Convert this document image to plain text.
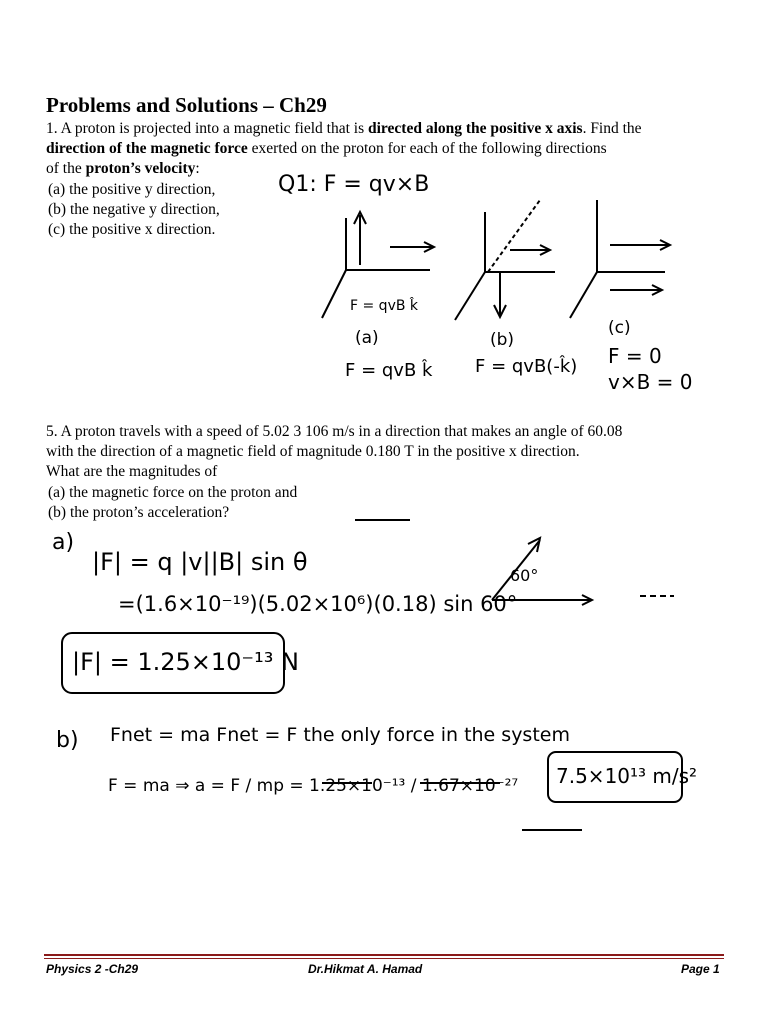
Problems and Solutions – Ch29
1. A proton is projected into a magnetic field that is directed along the positive x axis. Find the
direction of the magnetic force exerted on the proton for each of the following directions
of the proton’s velocity:
(a) the positive y direction,
(b) the negative y direction,
(c) the positive x direction.
Q1: F = qv×B
(a)
F = qvB k̂
F = qvB k̂
(b)
F = qvB(-k̂)
(c)
F = 0
v×B = 0
5. A proton travels with a speed of 5.02 3 106 m/s in a direction that makes an angle of 60.08
with the direction of a magnetic field of magnitude 0.180 T in the positive x direction.
What are the magnitudes of
(a) the magnetic force on the proton and
(b) the proton’s acceleration?
a)
|F| = q |v||B| sin θ
=(1.6×10⁻¹⁹)(5.02×10⁶)(0.18) sin 60°
|F| = 1.25×10⁻¹³ N
60°
b) Fnet = ma Fnet = F the only force in the system
F = ma ⇒ a = F / mp = 1.25×10⁻¹³ / 1.67×10⁻²⁷ 7.5×10¹³ m/s²
Physics 2 -Ch29	Dr.Hikmat A. Hamad	Page 1
